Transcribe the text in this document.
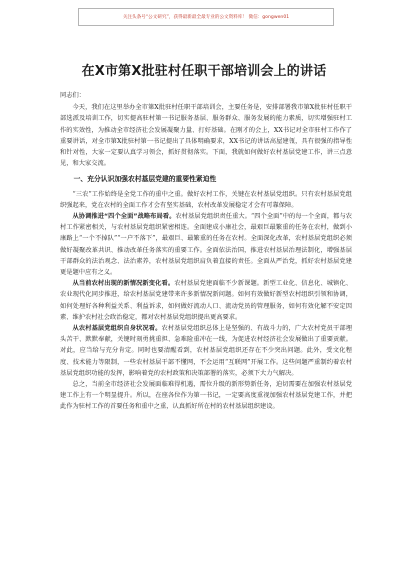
关注头条号“公文研究”，获得最新最全最专业的公文资料库！ 微信：gongwen01
在X市第X批驻村任职干部培训会上的讲话

同志们：

今天，我们在这里举办全市第X批驻村任职干部培训会，主要任务是，安排部署我市第X批驻村任职干部选派及培训工作，切实提高驻村第一书记服务基层、服务群众、服务发展的能力素质，切实增强驻村工作的实效性，为推动全市经济社会发展凝聚力量、打好基础。在刚才的会上，XX书记对全市驻村工作作了重要讲话，对全市第X批驻村第一书记提出了具体明确要求，XX书记的讲话高屋建瓴，具有很强的指导性和针对性，大家一定要认真学习领会，抓好贯彻落实。下面，我就如何做好农村基层党建工作，讲三点意见，和大家交流。

一、充分认识加强农村基层党建的重要性紧迫性

“三农”工作始终是全党工作的重中之重。做好农村工作，关键在农村基层党组织。只有农村基层党组织强起来，党在农村的全面工作才会有坚实基础，农村改革发展稳定才会有可靠保障。

从协调推进“四个全面”战略布局看。农村基层党组织责任重大。“四个全面”中的每一个全面，都与农村工作紧密相关，与农村基层党组织紧密相连。全面建成小康社会，最艰巨最繁重的任务在农村，做到小康路上“一个不掉队”“一户不落下”，最艰巨、最繁重的任务在农村。全面深化改革，农村基层党组织必须做好凝聚改革共识、推动改革任务落实的重要工作。全面依法治国，推进农村基层治理法制化，增强基层干部群众的法治观念、法治素养，农村基层党组织肩负着直接的责任。全面从严治党，抓好农村基层党建更是题中应有之义。

从当前农村出现的新情况新变化看。农村基层党建面临不少新课题。新型工业化、信息化、城镇化、农业现代化同步推进，给农村基层党建带来许多新情况新问题。如何有效做好新型农村组织引领和协调，如何处理好各种利益关系、利益诉求，如何做好流动人口、流动党员的管理服务，如何有效化解不安定因素、维护农村社会政治稳定，都对农村基层党组织提出更高要求。

从农村基层党组织自身状况看。农村基层党组织总体上是坚强的、有战斗力的，广大农村党员干部埋头苦干、默默奉献，关键时刻勇挑重担、急难险重冲在一线，为促进农村经济社会发展做出了重要贡献。对此，应当给与充分肯定。同时也要清醒看到，农村基层党组织还存在不少突出问题。此外，受文化程度、技术能力等限制，一些农村基层干部不懂网，不会运用“互联网”开展工作。这些问题严重制约着农村基层党组织功能的发挥，影响着党的农村政策和决策部署的落实，必须下大力气解决。

总之，当前全市经济社会发展面临难得机遇，需位升级的新形势新任务，迫切需要在加强农村基层党建工作上有一个明显提升。所以，在座各位作为第一书记，一定要高度重视加强农村基层党建工作，并把此作为驻村工作的首要任务和重中之重，认真抓好所在村的农村基层组织建设。
